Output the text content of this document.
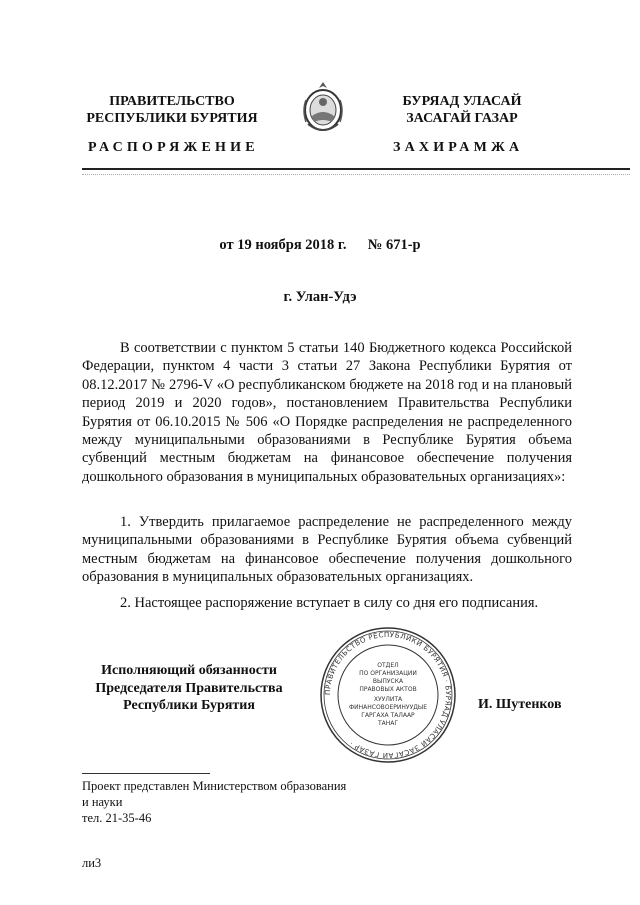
ПРАВИТЕЛЬСТВО
РЕСПУБЛИКИ БУРЯТИЯ
БУРЯАД УЛАСАЙ
ЗАСАГАЙ ГАЗАР
РАСПОРЯЖЕНИЕ	ЗАХИРАМЖА
от 19 ноября 2018 г. № 671-р
г. Улан-Удэ
В соответствии с пунктом 5 статьи 140 Бюджетного кодекса Российской Федерации, пунктом 4 части 3 статьи 27 Закона Республики Бурятия от 08.12.2017 № 2796-V «О республиканском бюджете на 2018 год и на плановый период 2019 и 2020 годов», постановлением Правительства Республики Бурятия от 06.10.2015 № 506 «О Порядке распределения не распределенного между муниципальными образованиями в Республике Бурятия объема субвенций местным бюджетам на финансовое обеспечение получения дошкольного образования в муниципальных образовательных организациях»:
1. Утвердить прилагаемое распределение не распределенного между муниципальными образованиями в Республике Бурятия объема субвенций местным бюджетам на финансовое обеспечение получения дошкольного образования в муниципальных образовательных организациях.
2. Настоящее распоряжение вступает в силу со дня его подписания.
Исполняющий обязанности
Председателя Правительства
Республики Бурятия
ПРАВИТЕЛЬСТВО РЕСПУБЛИКИ БУРЯТИЯ · БУРЯАД УЛАСАЙ ЗАСАГАЙ ГАЗАР ·
ОТДЕЛ
ПО ОРГАНИЗАЦИИ
ВЫПУСКА
ПРАВОВЫХ АКТОВ
ХУУЛИТА
ФИНАНСОВОЕРИНУУДЫЕ
ГАРГАХА ТАЛААР
ТАНАГ
И. Шутенков
Проект представлен Министерством образования
и науки
тел. 21-35-46
ли3
